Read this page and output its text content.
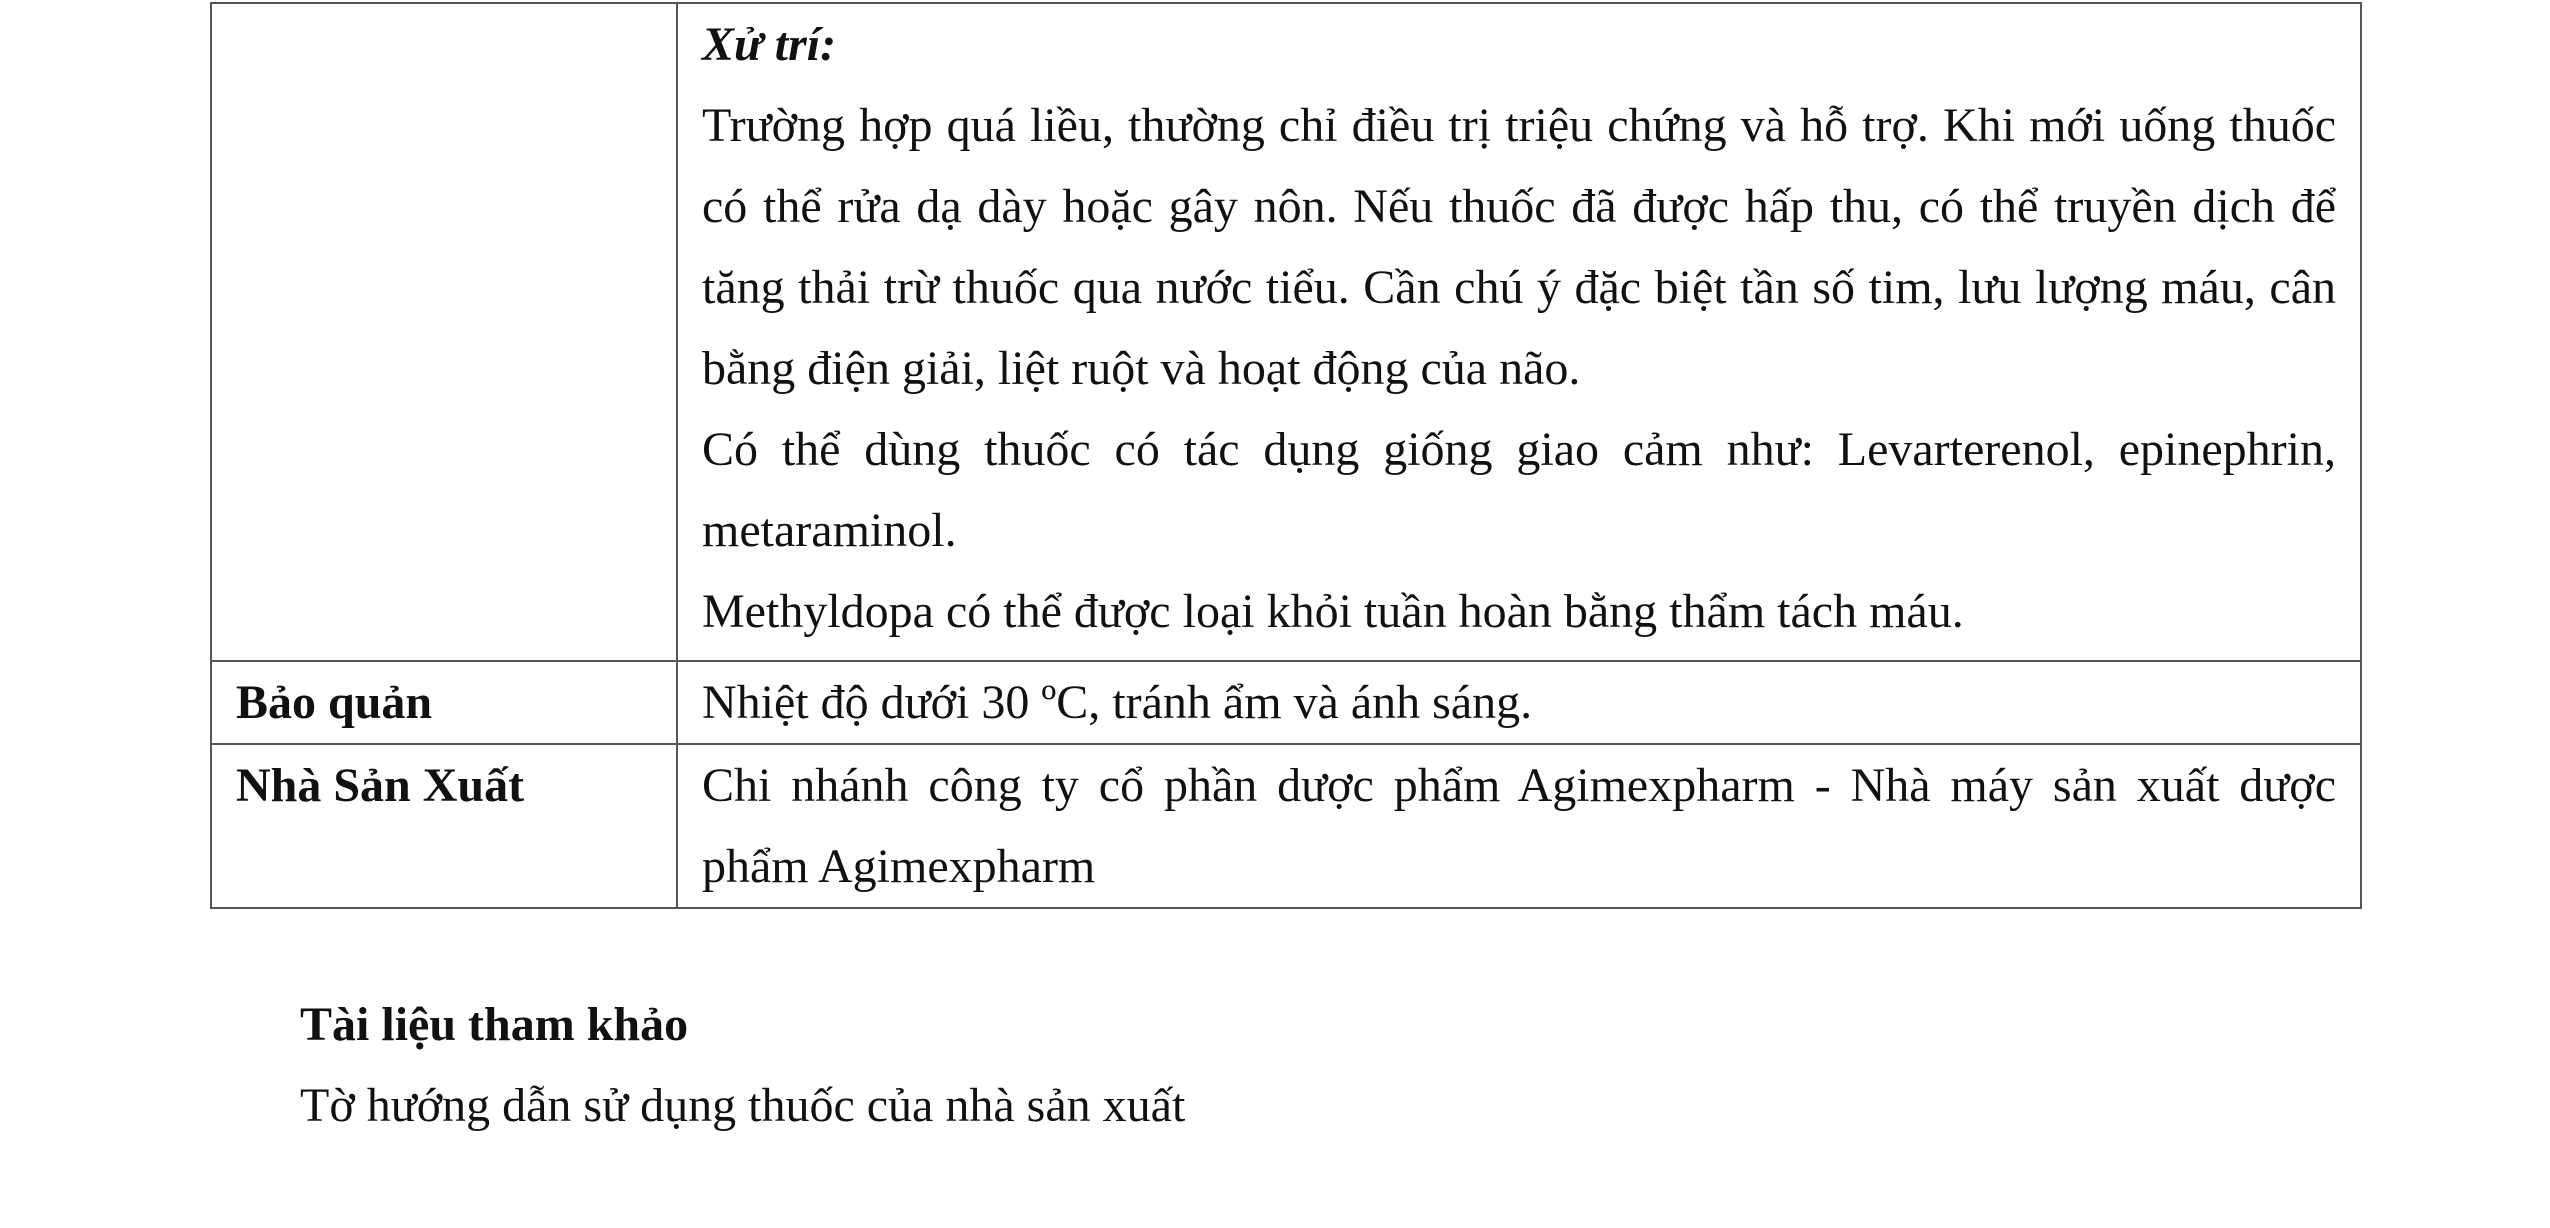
	Xử trí:
Trường hợp quá liều, thường chỉ điều trị triệu chứng và hỗ trợ. Khi mới uống thuốc có thể rửa dạ dày hoặc gây nôn. Nếu thuốc đã được hấp thu, có thể truyền dịch để tăng thải trừ thuốc qua nước tiểu. Cần chú ý đặc biệt tần số tim, lưu lượng máu, cân bằng điện giải, liệt ruột và hoạt động của não.
Có thể dùng thuốc có tác dụng giống giao cảm như: Levarterenol, epinephrin, metaraminol.
Methyldopa có thể được loại khỏi tuần hoàn bằng thẩm tách máu.

Bảo quản	Nhiệt độ dưới 30 ºC, tránh ẩm và ánh sáng.
Nhà Sản Xuất	Chi nhánh công ty cổ phần dược phẩm Agimexpharm - Nhà máy sản xuất dược phẩm Agimexpharm
Tài liệu tham khảo
Tờ hướng dẫn sử dụng thuốc của nhà sản xuất
